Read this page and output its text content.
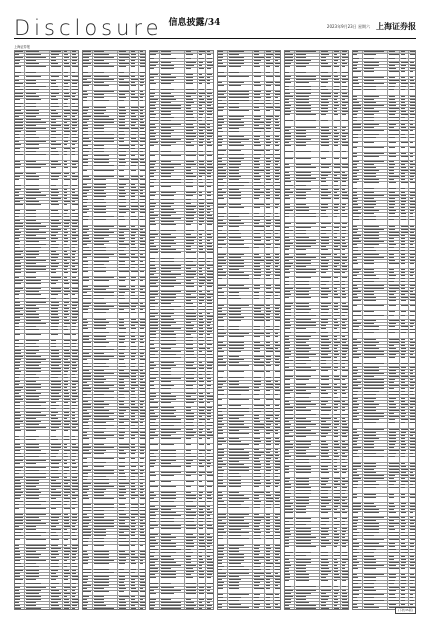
Disclosure 信息披露/34	2023年9月23日 星期六 上海证券报
上海证券报
(下转35版)
